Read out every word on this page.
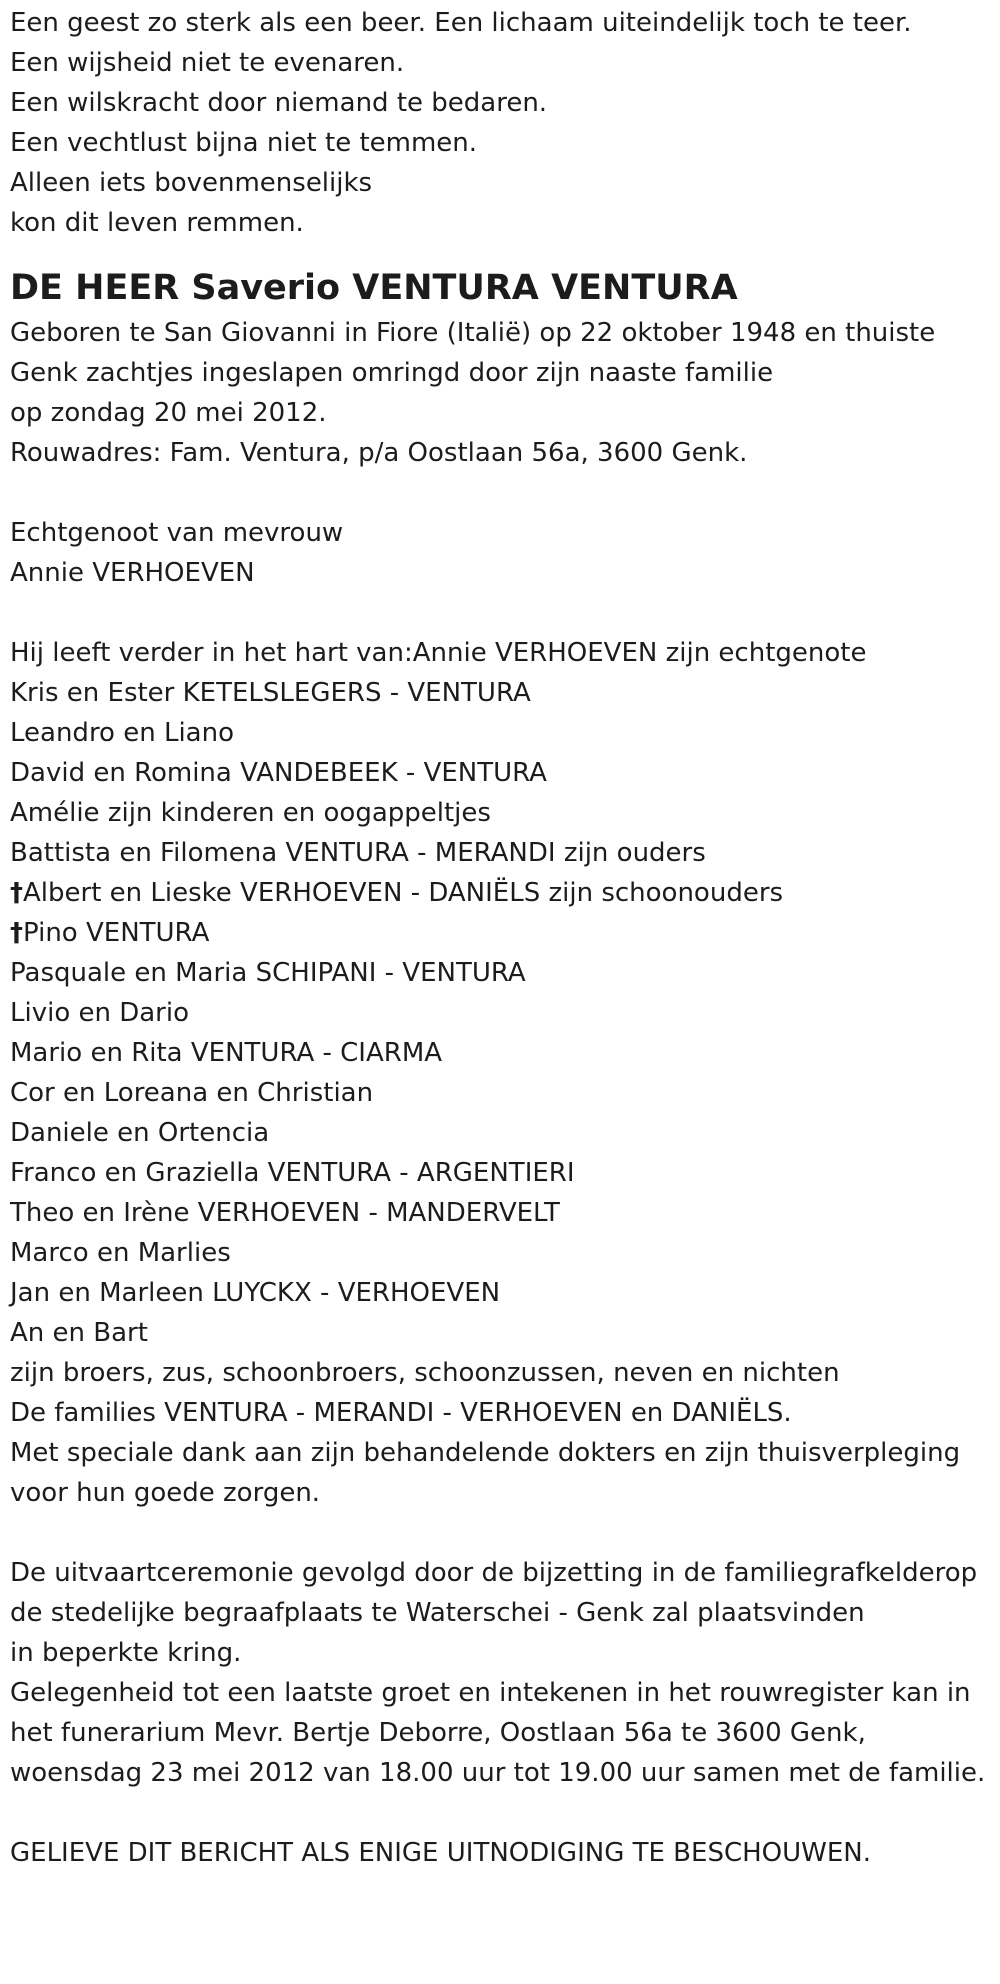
Een geest zo sterk als een beer. Een lichaam uiteindelijk toch te teer.

Een wijsheid niet te evenaren.

Een wilskracht door niemand te bedaren.

Een vechtlust bijna niet te temmen.

Alleen iets bovenmenselijks

kon dit leven remmen.

DE HEER Saverio VENTURA VENTURA

Geboren te San Giovanni in Fiore (Italië) op 22 oktober 1948 en thuiste

Genk zachtjes ingeslapen omringd door zijn naaste familie

op zondag 20 mei 2012.

Rouwadres: Fam. Ventura, p/a Oostlaan 56a, 3600 Genk.

Echtgenoot van mevrouw

Annie VERHOEVEN

Hij leeft verder in het hart van:Annie VERHOEVEN zijn echtgenote

Kris en Ester KETELSLEGERS - VENTURA

Leandro en Liano

David en Romina VANDEBEEK - VENTURA

Amélie zijn kinderen en oogappeltjes

Battista en Filomena VENTURA - MERANDI zijn ouders

†Albert en Lieske VERHOEVEN - DANIËLS zijn schoonouders

†Pino VENTURA

Pasquale en Maria SCHIPANI - VENTURA

Livio en Dario

Mario en Rita VENTURA - CIARMA

Cor en Loreana en Christian

Daniele en Ortencia

Franco en Graziella VENTURA - ARGENTIERI

Theo en Irène VERHOEVEN - MANDERVELT

Marco en Marlies

Jan en Marleen LUYCKX - VERHOEVEN

An en Bart

zijn broers, zus, schoonbroers, schoonzussen, neven en nichten

De families VENTURA - MERANDI - VERHOEVEN en DANIËLS.

Met speciale dank aan zijn behandelende dokters en zijn thuisverpleging

voor hun goede zorgen.

De uitvaartceremonie gevolgd door de bijzetting in de familiegrafkelderop de stedelijke begraafplaats te Waterschei - Genk zal plaatsvinden

in beperkte kring.

Gelegenheid tot een laatste groet en intekenen in het rouwregister kan in het funerarium Mevr. Bertje Deborre, Oostlaan 56a te 3600 Genk, woensdag 23 mei 2012 van 18.00 uur tot 19.00 uur samen met de familie.

GELIEVE DIT BERICHT ALS ENIGE UITNODIGING TE BESCHOUWEN.
